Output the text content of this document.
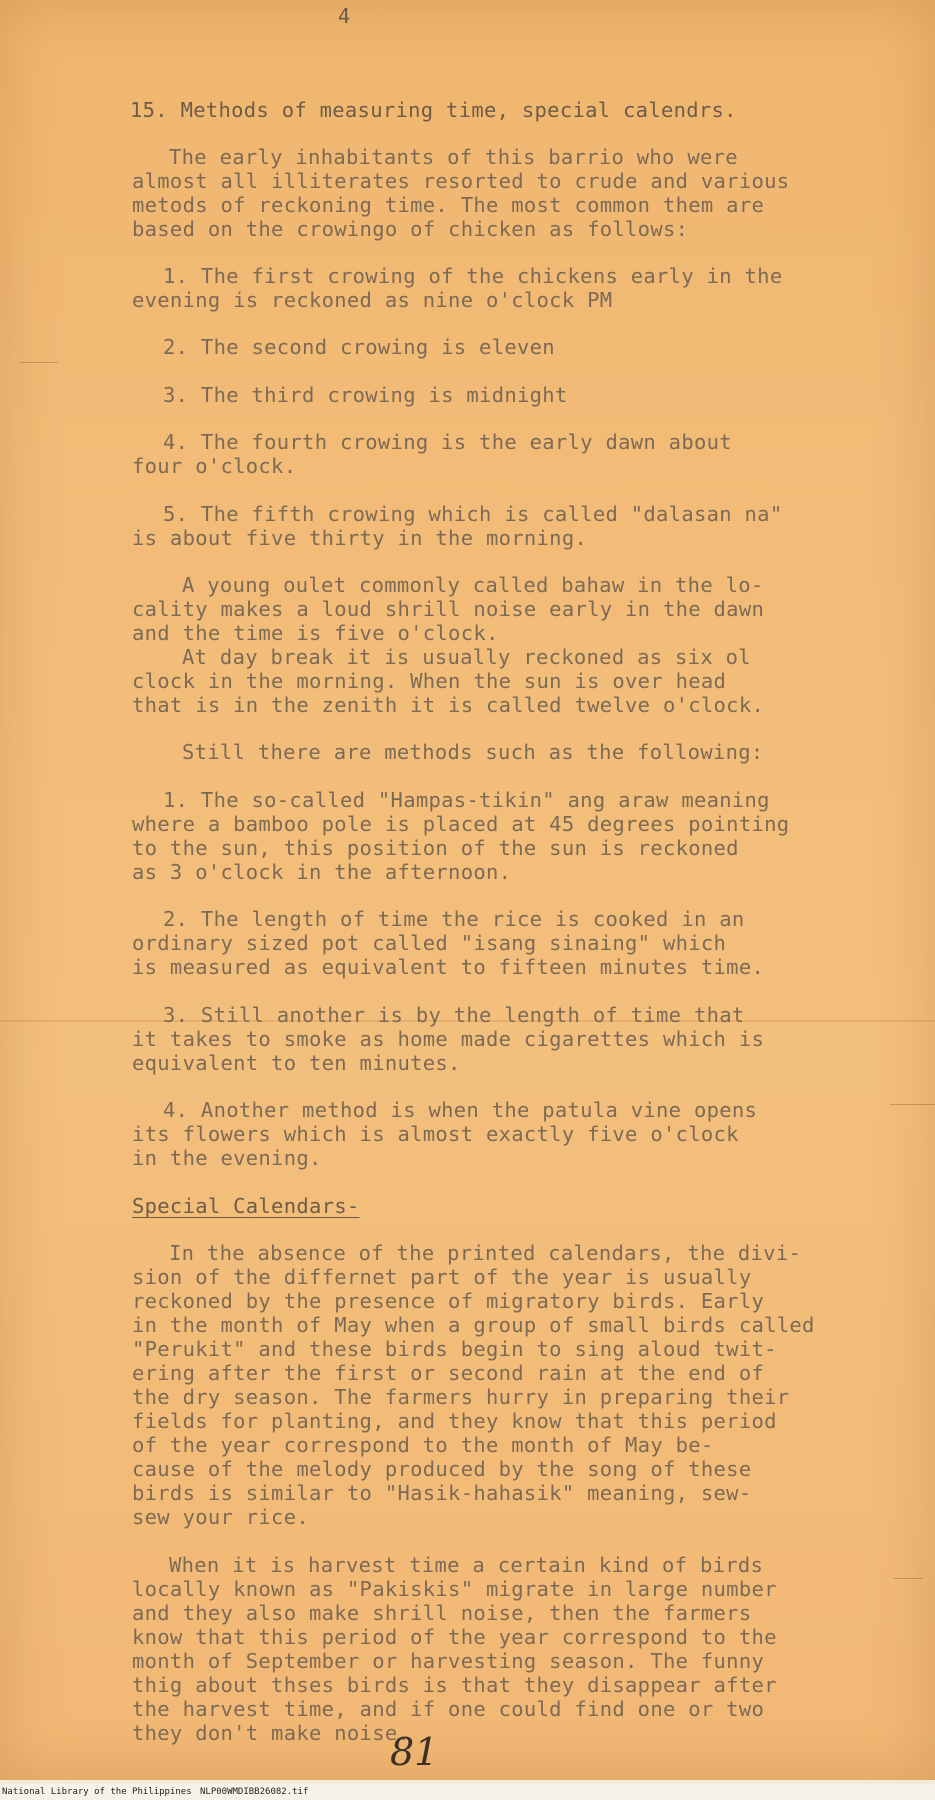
4
15. Methods of measuring time, special calendrs.
The early inhabitants of this barrio who were
almost all illiterates resorted to crude and various
metods of reckoning time. The most common them are
based on the crowingo of chicken as follows:
1. The first crowing of the chickens early in the
evening is reckoned as nine o'clock PM
2. The second crowing is eleven
3. The third crowing is midnight
4. The fourth crowing is the early dawn about
four o'clock.
5. The fifth crowing which is called "dalasan na"
is about five thirty in the morning.
A young oulet commonly called bahaw in the lo-
cality makes a loud shrill noise early in the dawn
and the time is five o'clock.
At day break it is usually reckoned as six ol
clock in the morning. When the sun is over head
that is in the zenith it is called twelve o'clock.
Still there are methods such as the following:
1. The so-called "Hampas-tikin" ang araw meaning
where a bamboo pole is placed at 45 degrees pointing
to the sun, this position of the sun is reckoned
as 3 o'clock in the afternoon.
2. The length of time the rice is cooked in an
ordinary sized pot called "isang sinaing" which
is measured as equivalent to fifteen minutes time.
3. Still another is by the length of time that
it takes to smoke as home made cigarettes which is
equivalent to ten minutes.
4. Another method is when the patula vine opens
its flowers which is almost exactly five o'clock
in the evening.
Special Calendars-
In the absence of the printed calendars, the divi-
sion of the differnet part of the year is usually
reckoned by the presence of migratory birds. Early
in the month of May when a group of small birds called
"Perukit" and these birds begin to sing aloud twit-
ering after the first or second rain at the end of
the dry season. The farmers hurry in preparing their
fields for planting, and they know that this period
of the year correspond to the month of May be-
cause of the melody produced by the song of these
birds is similar to "Hasik-hahasik" meaning, sew-
sew your rice.
When it is harvest time a certain kind of birds
locally known as "Pakiskis" migrate in large number
and they also make shrill noise, then the farmers
know that this period of the year correspond to the
month of September or harvesting season. The funny
thig about thses birds is that they disappear after
the harvest time, and if one could find one or two
they don't make noise.
81
National Library of the Philippines NLP00WMDIBB26082.tif
